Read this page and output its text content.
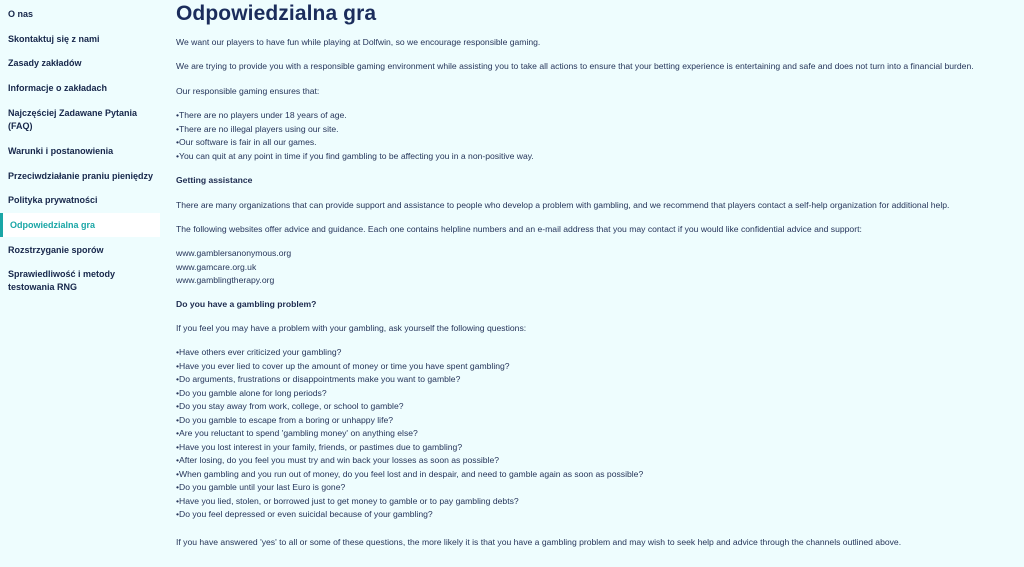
O nas
Skontaktuj się z nami
Zasady zakładów
Informacje o zakładach
Najczęściej Zadawane Pytania (FAQ)
Warunki i postanowienia
Przeciwdziałanie praniu pieniędzy
Polityka prywatności
Odpowiedzialna gra
Rozstrzyganie sporów
Sprawiedliwość i metody testowania RNG
Odpowiedzialna gra
We want our players to have fun while playing at Dolfwin, so we encourage responsible gaming.
We are trying to provide you with a responsible gaming environment while assisting you to take all actions to ensure that your betting experience is entertaining and safe and does not turn into a financial burden.
Our responsible gaming ensures that:
•There are no players under 18 years of age.
•There are no illegal players using our site.
•Our software is fair in all our games.
•You can quit at any point in time if you find gambling to be affecting you in a non-positive way.
Getting assistance
There are many organizations that can provide support and assistance to people who develop a problem with gambling, and we recommend that players contact a self-help organization for additional help.
The following websites offer advice and guidance. Each one contains helpline numbers and an e-mail address that you may contact if you would like confidential advice and support:
www.gamblersanonymous.org
www.gamcare.org.uk
www.gamblingtherapy.org
Do you have a gambling problem?
If you feel you may have a problem with your gambling, ask yourself the following questions:
•Have others ever criticized your gambling?
•Have you ever lied to cover up the amount of money or time you have spent gambling?
•Do arguments, frustrations or disappointments make you want to gamble?
•Do you gamble alone for long periods?
•Do you stay away from work, college, or school to gamble?
•Do you gamble to escape from a boring or unhappy life?
•Are you reluctant to spend 'gambling money' on anything else?
•Have you lost interest in your family, friends, or pastimes due to gambling?
•After losing, do you feel you must try and win back your losses as soon as possible?
•When gambling and you run out of money, do you feel lost and in despair, and need to gamble again as soon as possible?
•Do you gamble until your last Euro is gone?
•Have you lied, stolen, or borrowed just to get money to gamble or to pay gambling debts?
•Do you feel depressed or even suicidal because of your gambling?
If you have answered 'yes' to all or some of these questions, the more likely it is that you have a gambling problem and may wish to seek help and advice through the channels outlined above.
